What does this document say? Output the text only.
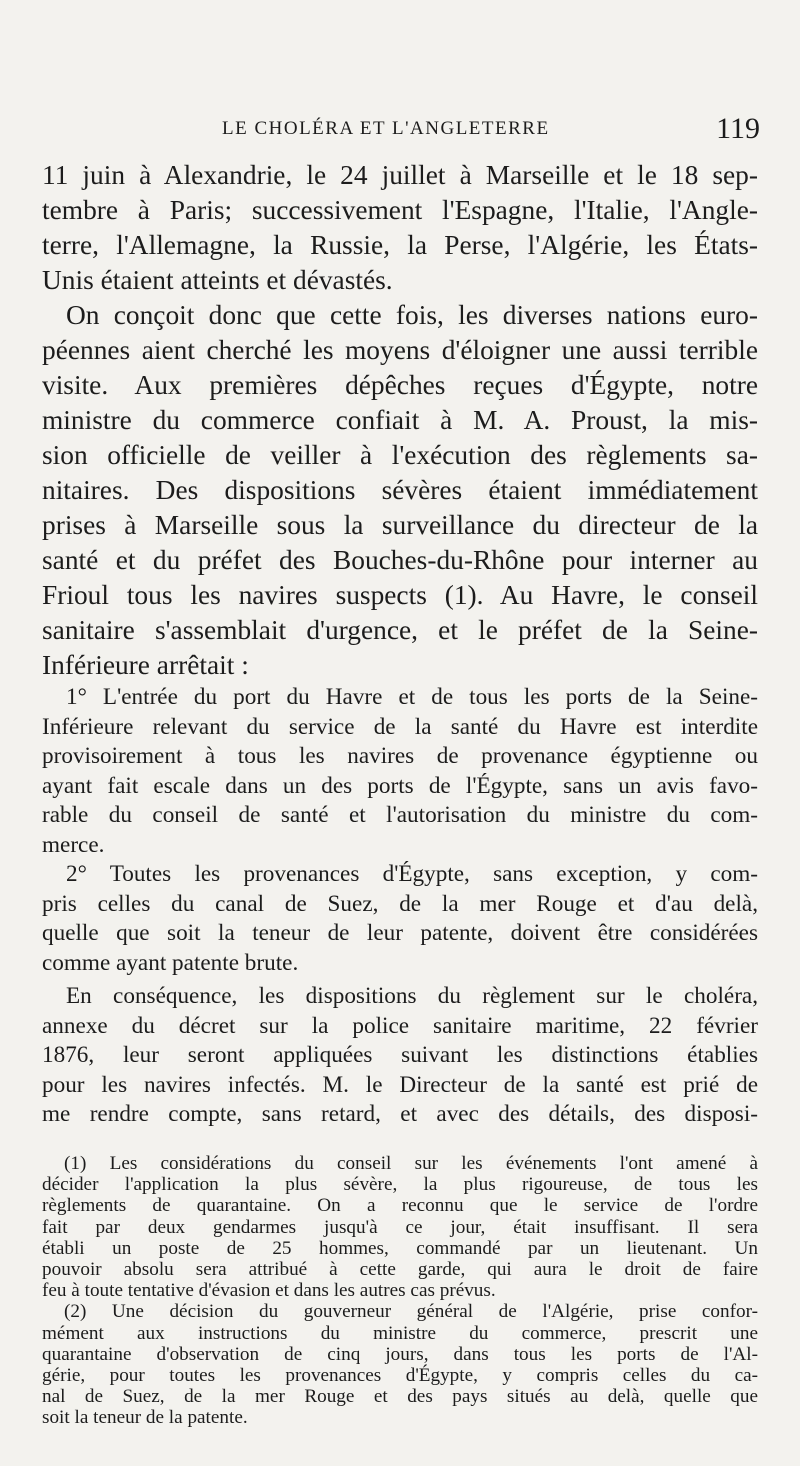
LE CHOLÉRA ET L'ANGLETERRE	119

11 juin à Alexandrie, le 24 juillet à Marseille et le 18 sep-
tembre à Paris; successivement l'Espagne, l'Italie, l'Angle-
terre, l'Allemagne, la Russie, la Perse, l'Algérie, les États-
Unis étaient atteints et dévastés.

On conçoit donc que cette fois, les diverses nations euro-
péennes aient cherché les moyens d'éloigner une aussi terrible
visite. Aux premières dépêches reçues d'Égypte, notre
ministre du commerce confiait à M. A. Proust, la mis-
sion officielle de veiller à l'exécution des règlements sa-
nitaires. Des dispositions sévères étaient immédiatement
prises à Marseille sous la surveillance du directeur de la
santé et du préfet des Bouches-du-Rhône pour interner au
Frioul tous les navires suspects (1). Au Havre, le conseil
sanitaire s'assemblait d'urgence, et le préfet de la Seine-
Inférieure arrêtait :

1° L'entrée du port du Havre et de tous les ports de la Seine-
Inférieure relevant du service de la santé du Havre est interdite
provisoirement à tous les navires de provenance égyptienne ou
ayant fait escale dans un des ports de l'Égypte, sans un avis favo-
rable du conseil de santé et l'autorisation du ministre du com-
merce.

2° Toutes les provenances d'Égypte, sans exception, y com-
pris celles du canal de Suez, de la mer Rouge et d'au delà,
quelle que soit la teneur de leur patente, doivent être considérées
comme ayant patente brute.

En conséquence, les dispositions du règlement sur le choléra,
annexe du décret sur la police sanitaire maritime, 22 février
1876, leur seront appliquées suivant les distinctions établies
pour les navires infectés. M. le Directeur de la santé est prié de
me rendre compte, sans retard, et avec des détails, des disposi-

(1) Les considérations du conseil sur les événements l'ont amené à
décider l'application la plus sévère, la plus rigoureuse, de tous les
règlements de quarantaine. On a reconnu que le service de l'ordre
fait par deux gendarmes jusqu'à ce jour, était insuffisant. Il sera
établi un poste de 25 hommes, commandé par un lieutenant. Un
pouvoir absolu sera attribué à cette garde, qui aura le droit de faire
feu à toute tentative d'évasion et dans les autres cas prévus.
(2) Une décision du gouverneur général de l'Algérie, prise confor-
mément aux instructions du ministre du commerce, prescrit une
quarantaine d'observation de cinq jours, dans tous les ports de l'Al-
gérie, pour toutes les provenances d'Égypte, y compris celles du ca-
nal de Suez, de la mer Rouge et des pays situés au delà, quelle que
soit la teneur de la patente.
